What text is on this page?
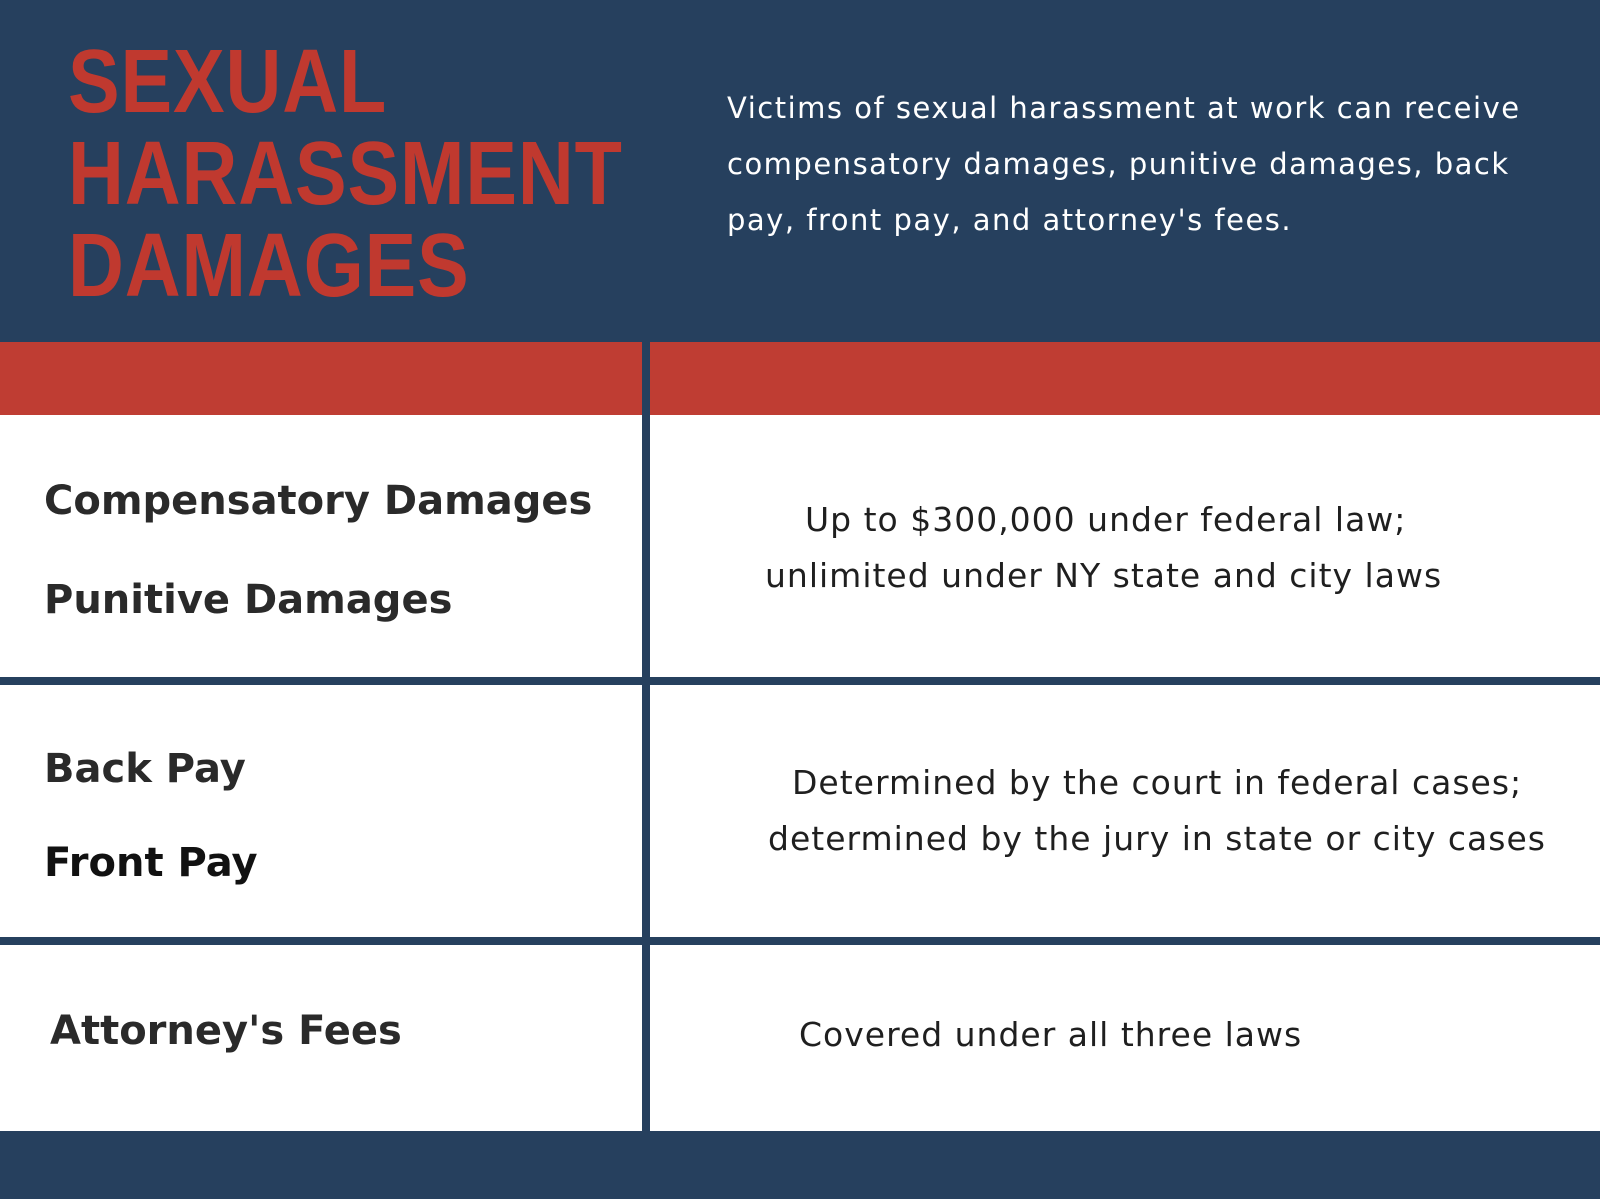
SEXUAL
HARASSMENT
DAMAGES
Victims of sexual harassment at work can receive compensatory damages, punitive damages, back pay, front pay, and attorney's fees.
Compensatory Damages
Punitive Damages
Up to $300,000 under federal law;
unlimited under NY state and city laws
Back Pay
Front Pay
Determined by the court in federal cases;
determined by the jury in state or city cases
Attorney's Fees	Covered under all three laws
